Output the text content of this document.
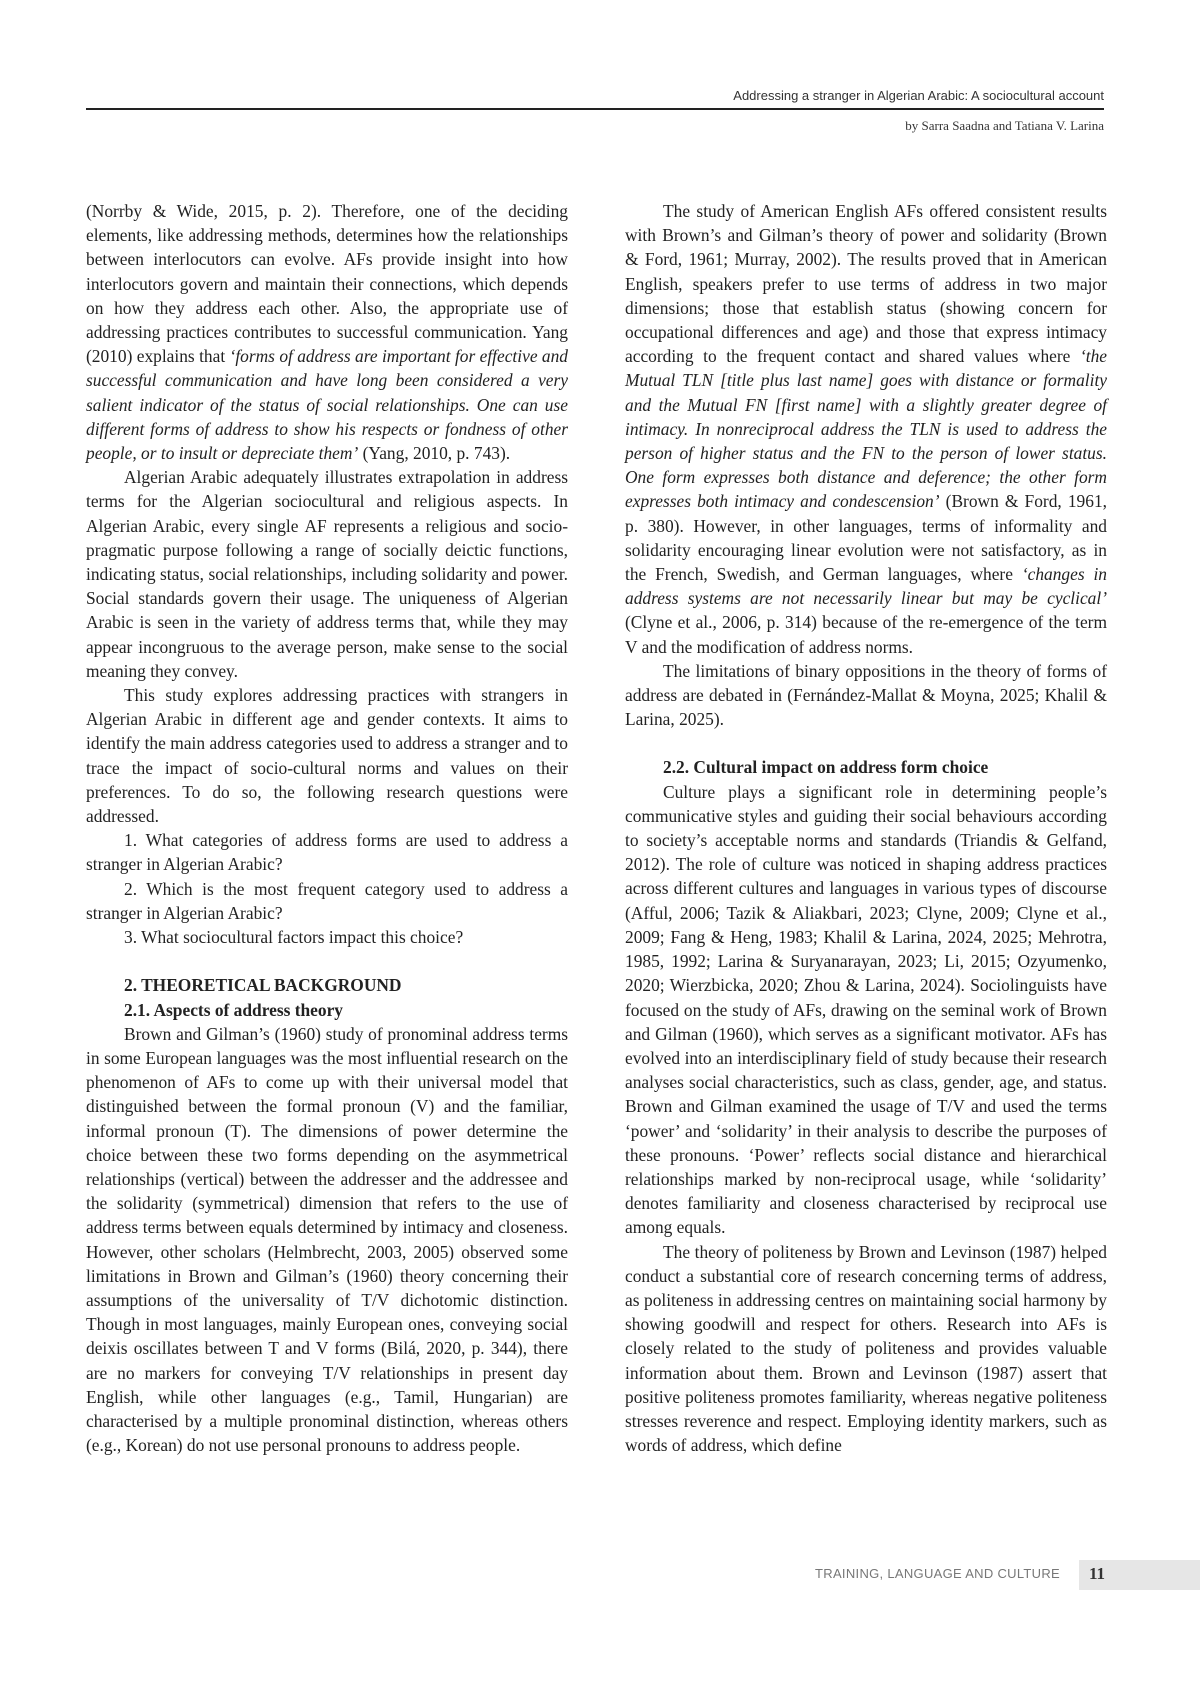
Addressing a stranger in Algerian Arabic: A sociocultural account
by Sarra Saadna and Tatiana V. Larina

(Norrby & Wide, 2015, p. 2). Therefore, one of the deciding elements, like addressing methods, determines how the relationships between interlocutors can evolve. AFs provide insight into how interlocutors govern and maintain their connections, which depends on how they address each other. Also, the appropriate use of addressing practices contributes to successful communication. Yang (2010) explains that ‘forms of address are important for effective and successful communication and have long been considered a very salient indicator of the status of social relationships. One can use different forms of address to show his respects or fondness of other people, or to insult or depreciate them’ (Yang, 2010, p. 743).

Algerian Arabic adequately illustrates extrapolation in address terms for the Algerian sociocultural and religious aspects. In Algerian Arabic, every single AF represents a religious and socio-pragmatic purpose following a range of socially deictic functions, indicating status, social relationships, including solidarity and power. Social standards govern their usage. The uniqueness of Algerian Arabic is seen in the variety of address terms that, while they may appear incongruous to the average person, make sense to the social meaning they convey.

This study explores addressing practices with strangers in Algerian Arabic in different age and gender contexts. It aims to identify the main address categories used to address a stranger and to trace the impact of socio-cultural norms and values on their preferences. To do so, the following research questions were addressed.

1. What categories of address forms are used to address a stranger in Algerian Arabic?

2. Which is the most frequent category used to address a stranger in Algerian Arabic?

3. What sociocultural factors impact this choice?

2. THEORETICAL BACKGROUND

2.1. Aspects of address theory

Brown and Gilman’s (1960) study of pronominal address terms in some European languages was the most influential research on the phenomenon of AFs to come up with their universal model that distinguished between the formal pronoun (V) and the familiar, informal pronoun (T). The dimensions of power determine the choice between these two forms depending on the asymmetrical relationships (vertical) between the addresser and the addressee and the solidarity (symmetrical) dimension that refers to the use of address terms between equals determined by intimacy and closeness. However, other scholars (Helmbrecht, 2003, 2005) observed some limitations in Brown and Gilman’s (1960) theory concerning their assumptions of the universality of T/V dichotomic distinction. Though in most languages, mainly European ones, conveying social deixis oscillates between T and V forms (Bilá, 2020, p. 344), there are no markers for conveying T/V relationships in present day English, while other languages (e.g., Tamil, Hungarian) are characterised by a multiple pronominal distinction, whereas others (e.g., Korean) do not use personal pronouns to address people.

The study of American English AFs offered consistent results with Brown’s and Gilman’s theory of power and solidarity (Brown & Ford, 1961; Murray, 2002). The results proved that in American English, speakers prefer to use terms of address in two major dimensions; those that establish status (showing concern for occupational differences and age) and those that express intimacy according to the frequent contact and shared values where ‘the Mutual TLN [title plus last name] goes with distance or formality and the Mutual FN [first name] with a slightly greater degree of intimacy. In nonreciprocal address the TLN is used to address the person of higher status and the FN to the person of lower status. One form expresses both distance and deference; the other form expresses both intimacy and condescension’ (Brown & Ford, 1961, p. 380). However, in other languages, terms of informality and solidarity encouraging linear evolution were not satisfactory, as in the French, Swedish, and German languages, where ‘changes in address systems are not necessarily linear but may be cyclical’ (Clyne et al., 2006, p. 314) because of the re-emergence of the term V and the modification of address norms.

The limitations of binary oppositions in the theory of forms of address are debated in (Fernández-Mallat & Moyna, 2025; Khalil & Larina, 2025).

2.2. Cultural impact on address form choice

Culture plays a significant role in determining people’s communicative styles and guiding their social behaviours according to society’s acceptable norms and standards (Triandis & Gelfand, 2012). The role of culture was noticed in shaping address practices across different cultures and languages in various types of discourse (Afful, 2006; Tazik & Aliakbari, 2023; Clyne, 2009; Clyne et al., 2009; Fang & Heng, 1983; Khalil & Larina, 2024, 2025; Mehrotra, 1985, 1992; Larina & Suryanarayan, 2023; Li, 2015; Ozyumenko, 2020; Wierzbicka, 2020; Zhou & Larina, 2024). Sociolinguists have focused on the study of AFs, drawing on the seminal work of Brown and Gilman (1960), which serves as a significant motivator. AFs has evolved into an interdisciplinary field of study because their research analyses social characteristics, such as class, gender, age, and status. Brown and Gilman examined the usage of T/V and used the terms ‘power’ and ‘solidarity’ in their analysis to describe the purposes of these pronouns. ‘Power’ reflects social distance and hierarchical relationships marked by non-reciprocal usage, while ‘solidarity’ denotes familiarity and closeness characterised by reciprocal use among equals.

The theory of politeness by Brown and Levinson (1987) helped conduct a substantial core of research concerning terms of address, as politeness in addressing centres on maintaining social harmony by showing goodwill and respect for others. Research into AFs is closely related to the study of politeness and provides valuable information about them. Brown and Levinson (1987) assert that positive politeness promotes familiarity, whereas negative politeness stresses reverence and respect. Employing identity markers, such as words of address, which define

TRAINING, LANGUAGE AND CULTURE 11
